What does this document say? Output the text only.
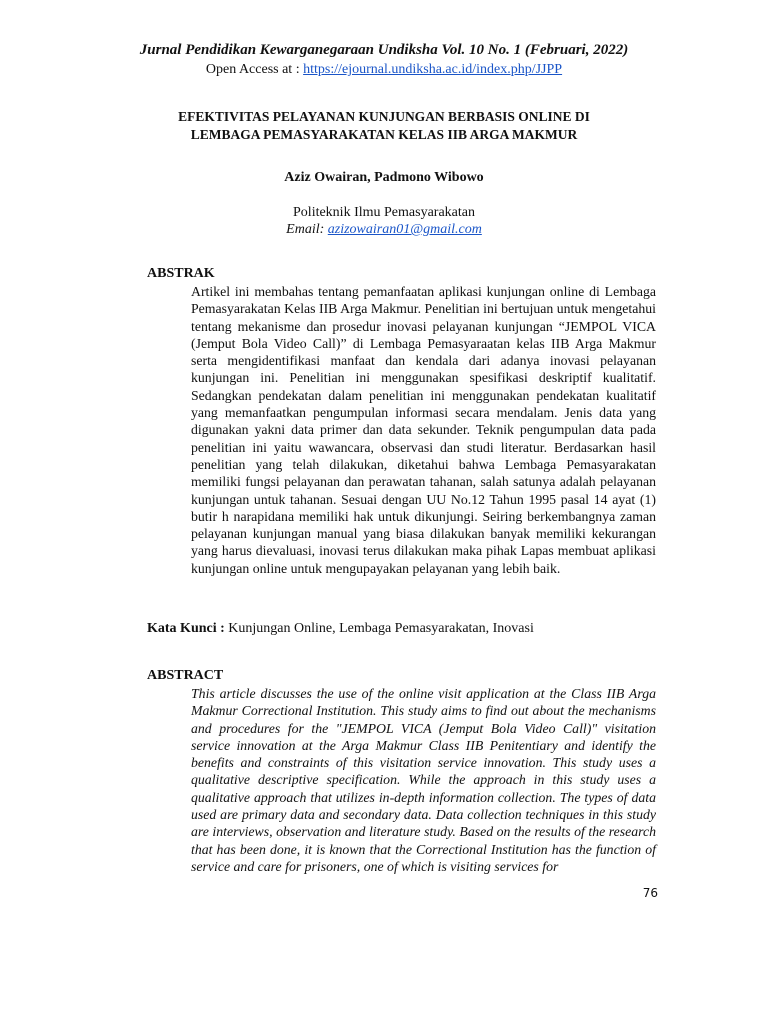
Jurnal Pendidikan Kewarganegaraan Undiksha Vol. 10 No. 1 (Februari, 2022)
Open Access at : https://ejournal.undiksha.ac.id/index.php/JJPP
EFEKTIVITAS PELAYANAN KUNJUNGAN BERBASIS ONLINE DI
LEMBAGA PEMASYARAKATAN KELAS IIB ARGA MAKMUR
Aziz Owairan, Padmono Wibowo
Politeknik Ilmu Pemasyarakatan
Email: azizowairan01@gmail.com
ABSTRAK
Artikel ini membahas tentang pemanfaatan aplikasi kunjungan online di Lembaga Pemasyarakatan Kelas IIB Arga Makmur. Penelitian ini bertujuan untuk mengetahui tentang mekanisme dan prosedur inovasi pelayanan kunjungan “JEMPOL VICA (Jemput Bola Video Call)” di Lembaga Pemasyaraatan kelas IIB Arga Makmur serta mengidentifikasi manfaat dan kendala dari adanya inovasi pelayanan kunjungan ini. Penelitian ini menggunakan spesifikasi deskriptif kualitatif. Sedangkan pendekatan dalam penelitian ini menggunakan pendekatan kualitatif yang memanfaatkan pengumpulan informasi secara mendalam. Jenis data yang digunakan yakni data primer dan data sekunder. Teknik pengumpulan data pada penelitian ini yaitu wawancara, observasi dan studi literatur. Berdasarkan hasil penelitian yang telah dilakukan, diketahui bahwa Lembaga Pemasyarakatan memiliki fungsi pelayanan dan perawatan tahanan, salah satunya adalah pelayanan kunjungan untuk tahanan. Sesuai dengan UU No.12 Tahun 1995 pasal 14 ayat (1) butir h narapidana memiliki hak untuk dikunjungi. Seiring berkembangnya zaman pelayanan kunjungan manual yang biasa dilakukan banyak memiliki kekurangan yang harus dievaluasi, inovasi terus dilakukan maka pihak Lapas membuat aplikasi kunjungan online untuk mengupayakan pelayanan yang lebih baik.
Kata Kunci : Kunjungan Online, Lembaga Pemasyarakatan, Inovasi
ABSTRACT
This article discusses the use of the online visit application at the Class IIB Arga Makmur Correctional Institution. This study aims to find out about the mechanisms and procedures for the "JEMPOL VICA (Jemput Bola Video Call)" visitation service innovation at the Arga Makmur Class IIB Penitentiary and identify the benefits and constraints of this visitation service innovation. This study uses a qualitative descriptive specification. While the approach in this study uses a qualitative approach that utilizes in-depth information collection. The types of data used are primary data and secondary data. Data collection techniques in this study are interviews, observation and literature study. Based on the results of the research that has been done, it is known that the Correctional Institution has the function of service and care for prisoners, one of which is visiting services for
76
